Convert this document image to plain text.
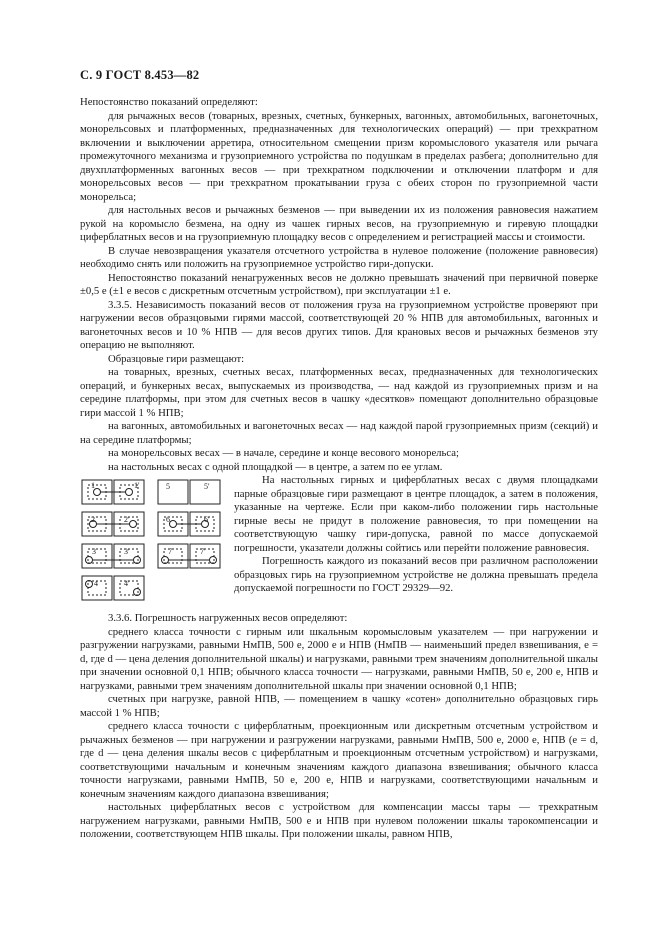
С. 9 ГОСТ 8.453—82

Непостоянство показаний определяют:

для рычажных весов (товарных, врезных, счетных, бункерных, вагонных, автомобильных, вагонеточных, монорельсовых и платформенных, предназначенных для технологических операций) — при трехкратном включении и выключении арретира, относительном смещении призм коромыслового указателя или рычага промежуточного механизма и грузоприемного устройства по подушкам в пределах разбега; дополнительно для двухплатформенных вагонных весов — при трехкратном подключении и отключении платформ и для монорельсовых весов — при трехкратном прокатывании груза с обеих сторон по грузоприемной части монорельса;

для настольных весов и рычажных безменов — при выведении их из положения равновесия нажатием рукой на коромысло безмена, на одну из чашек гирных весов, на грузоприемную и гиревую площадки циферблатных весов и на грузоприемную площадку весов с определением и регистрацией массы и стоимости.

В случае невозвращения указателя отсчетного устройства в нулевое положение (положение равновесия) необходимо снять или положить на грузоприемное устройство гири-допуски.

Непостоянство показаний ненагруженных весов не должно превышать значений при первичной поверке ±0,5 е (±1 е весов с дискретным отсчетным устройством), при эксплуатации ±1 е.

3.3.5. Независимость показаний весов от положения груза на грузоприемном устройстве проверяют при нагружении весов образцовыми гирями массой, соответствующей 20 % НПВ для автомобильных, вагонных и вагонеточных весов и 10 % НПВ — для весов других типов. Для крановых весов и рычажных безменов эту операцию не выполняют.

Образцовые гири размещают:

на товарных, врезных, счетных весах, платформенных весах, предназначенных для технологических операций, и бункерных весах, выпускаемых из производства, — над каждой из грузоприемных призм и на середине платформы, при этом для счетных весов в чашку «десятков» помещают дополнительно образцовые гири массой 1 % НПВ;

на вагонных, автомобильных и вагонеточных весах — над каждой парой грузоприемных призм (секций) и на середине платформы;

на монорельсовых весах — в начале, середине и конце весового монорельса;

на настольных весах с одной площадкой — в центре, а затем по ее углам.

1	1'	5	5'
2	2'	6	6'
3	3'	7	7'
4	4'

На настольных гирных и циферблатных весах с двумя площадками парные образцовые гири размещают в центре площадок, а затем в положения, указанные на чертеже. Если при каком-либо положении гирь настольные гирные весы не придут в положение равновесия, то при помещении на соответствующую чашку гири-допуска, равной по массе допускаемой погрешности, указатели должны сойтись или перейти положение равновесия.

Погрешность каждого из показаний весов при различном расположении образцовых гирь на грузоприемном устройстве не должна превышать предела допускаемой погрешности по ГОСТ 29329—92.

3.3.6. Погрешность нагруженных весов определяют:

среднего класса точности с гирным или шкальным коромысловым указателем — при нагружении и разгружении нагрузками, равными НмПВ, 500 е, 2000 е и НПВ (НмПВ — наименьший предел взвешивания, е = d, где d — цена деления дополнительной шкалы) и нагрузками, равными трем значениям дополнительной шкалы при значении основной 0,1 НПВ; обычного класса точности — нагрузками, равными НмПВ, 50 е, 200 е, НПВ и нагрузками, равными трем значениям дополнительной шкалы при значении основной 0,1 НПВ;

счетных при нагрузке, равной НПВ, — помещением в чашку «сотен» дополнительно образцовых гирь массой 1 % НПВ;

среднего класса точности с циферблатным, проекционным или дискретным отсчетным устройством и рычажных безменов — при нагружении и разгружении нагрузками, равными НмПВ, 500 е, 2000 е, НПВ (е = d, где d — цена деления шкалы весов с циферблатным и проекционным отсчетным устройством) и нагрузками, соответствующими начальным и конечным значениям каждого диапазона взвешивания; обычного класса точности нагрузками, равными НмПВ, 50 е, 200 е, НПВ и нагрузками, соответствующими начальным и конечным значениям каждого диапазона взвешивания;

настольных циферблатных весов с устройством для компенсации массы тары — трехкратным нагружением нагрузками, равными НмПВ, 500 е и НПВ при нулевом положении шкалы тарокомпенсации и положении, соответствующем НПВ шкалы. При положении шкалы, равном НПВ,
